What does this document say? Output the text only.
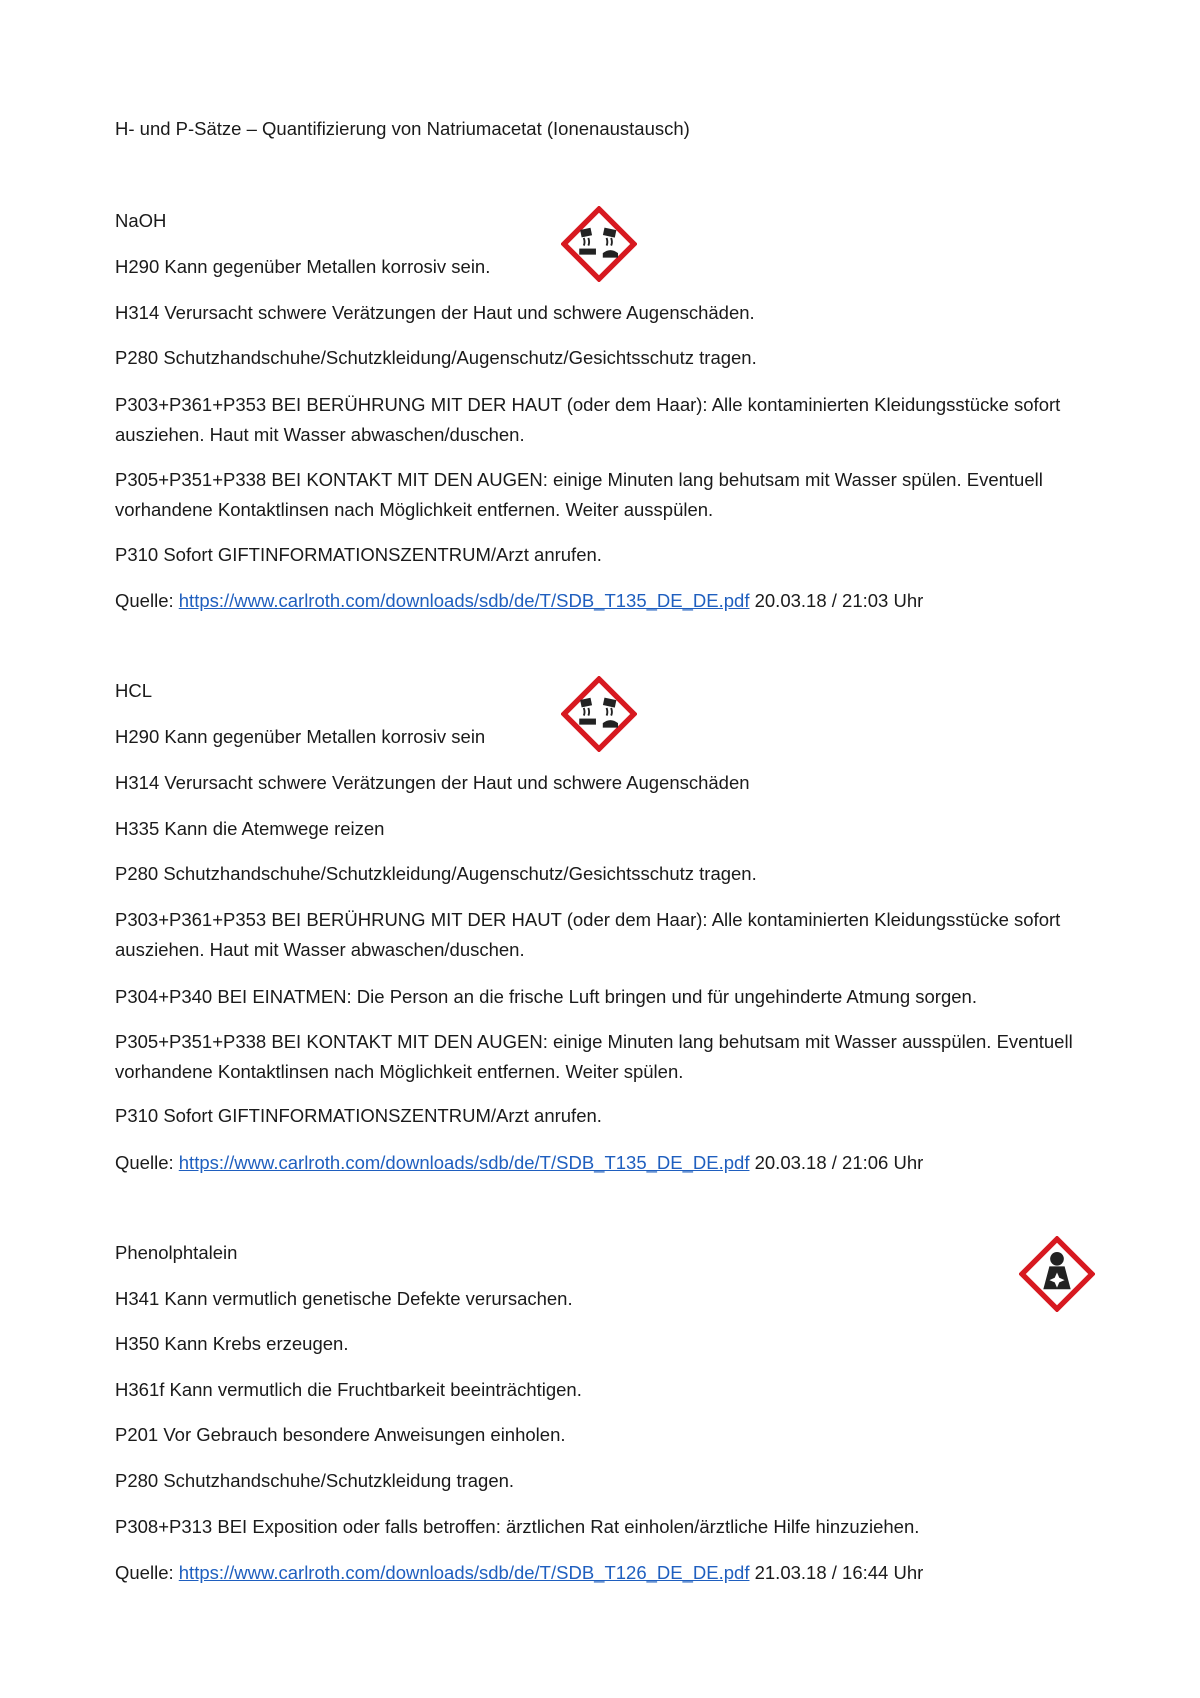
H- und P-Sätze – Quantifizierung von Natriumacetat (Ionenaustausch)
NaOH
H290 Kann gegenüber Metallen korrosiv sein.
H314 Verursacht schwere Verätzungen der Haut und schwere Augenschäden.
P280 Schutzhandschuhe/Schutzkleidung/Augenschutz/Gesichtsschutz tragen.
P303+P361+P353 BEI BERÜHRUNG MIT DER HAUT (oder dem Haar): Alle kontaminierten Kleidungsstücke sofort ausziehen. Haut mit Wasser abwaschen/duschen.
P305+P351+P338 BEI KONTAKT MIT DEN AUGEN: einige Minuten lang behutsam mit Wasser spülen. Eventuell vorhandene Kontaktlinsen nach Möglichkeit entfernen. Weiter ausspülen.
P310 Sofort GIFTINFORMATIONSZENTRUM/Arzt anrufen.
Quelle: https://www.carlroth.com/downloads/sdb/de/T/SDB_T135_DE_DE.pdf 20.03.18 / 21:03 Uhr
HCL
H290 Kann gegenüber Metallen korrosiv sein
H314 Verursacht schwere Verätzungen der Haut und schwere Augenschäden
H335 Kann die Atemwege reizen
P280 Schutzhandschuhe/Schutzkleidung/Augenschutz/Gesichtsschutz tragen.
P303+P361+P353 BEI BERÜHRUNG MIT DER HAUT (oder dem Haar): Alle kontaminierten Kleidungsstücke sofort ausziehen. Haut mit Wasser abwaschen/duschen.
P304+P340 BEI EINATMEN: Die Person an die frische Luft bringen und für ungehinderte Atmung sorgen.
P305+P351+P338 BEI KONTAKT MIT DEN AUGEN: einige Minuten lang behutsam mit Wasser ausspülen. Eventuell vorhandene Kontaktlinsen nach Möglichkeit entfernen. Weiter spülen.
P310 Sofort GIFTINFORMATIONSZENTRUM/Arzt anrufen.
Quelle: https://www.carlroth.com/downloads/sdb/de/T/SDB_T135_DE_DE.pdf 20.03.18 / 21:06 Uhr
Phenolphtalein
H341 Kann vermutlich genetische Defekte verursachen.
H350 Kann Krebs erzeugen.
H361f Kann vermutlich die Fruchtbarkeit beeinträchtigen.
P201 Vor Gebrauch besondere Anweisungen einholen.
P280 Schutzhandschuhe/Schutzkleidung tragen.
P308+P313 BEI Exposition oder falls betroffen: ärztlichen Rat einholen/ärztliche Hilfe hinzuziehen.
Quelle: https://www.carlroth.com/downloads/sdb/de/T/SDB_T126_DE_DE.pdf 21.03.18 / 16:44 Uhr
